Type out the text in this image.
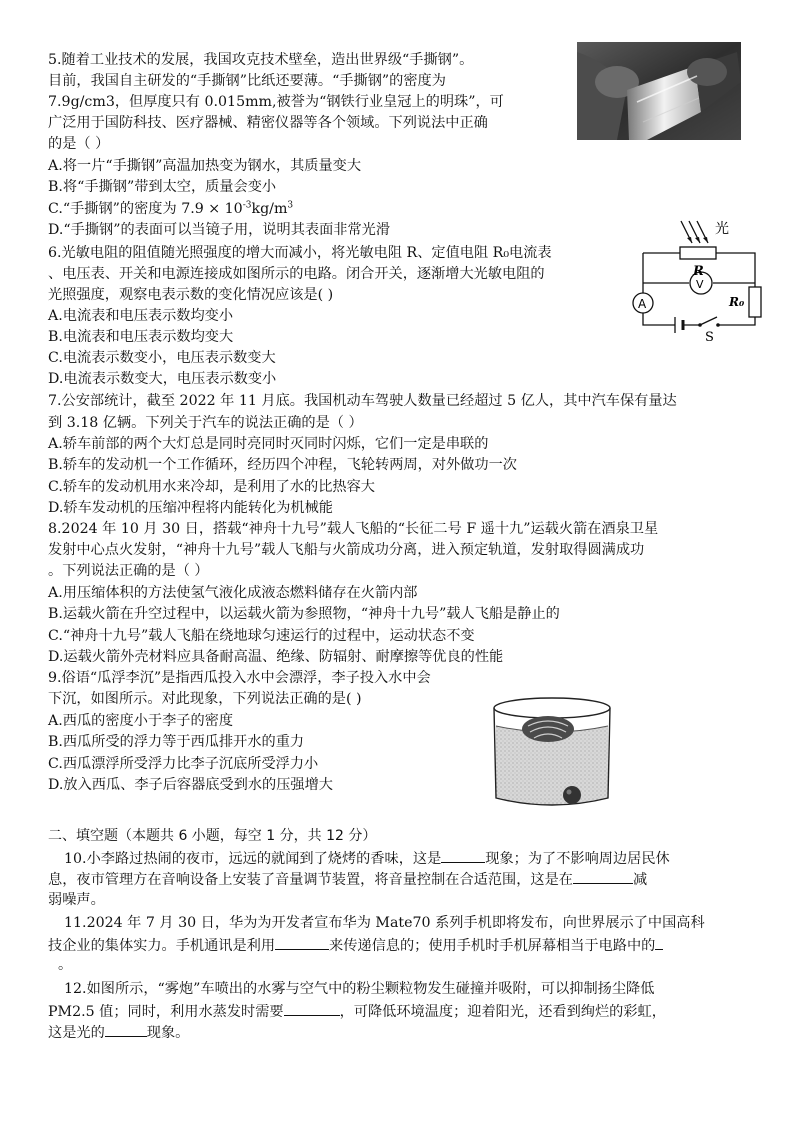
5.随着工业技术的发展，我国攻克技术壁垒，造出世界级“手撕钢”。
目前，我国自主研发的“手撕钢”比纸还要薄。“手撕钢”的密度为
7.9g/cm3，但厚度只有 0.015mm,被誉为“钢铁行业皇冠上的明珠”，可
广泛用于国防科技、医疗器械、精密仪器等各个领域。下列说法中正确
的是（ ）
A.将一片“手撕钢”高温加热变为钢水，其质量变大
B.将“手撕钢”带到太空，质量会变小
C.“手撕钢”的密度为 $7.9 \times 10^{-3}kg/m^3$
D.“手撕钢”的表面可以当镜子用，说明其表面非常光滑
6.光敏电阻的阻值随光照强度的增大而减小，将光敏电阻 R、定值电阻 R₀电流表
、电压表、开关和电源连接成如图所示的电路。闭合开关，逐渐增大光敏电阻的
光照强度，观察电表示数的变化情况应该是( )
A.电流表和电压表示数均变小
B.电流表和电压表示数均变大
C.电流表示数变小，电压表示数变大
D.电流表示数变大，电压表示数变小
光
R
V
A	R₀
S
7.公安部统计，截至 2022 年 11 月底。我国机动车驾驶人数量已经超过 5 亿人，其中汽车保有量达
到 3.18 亿辆。下列关于汽车的说法正确的是（ ）
A.轿车前部的两个大灯总是同时亮同时灭同时闪烁，它们一定是串联的
B.轿车的发动机一个工作循环，经历四个冲程，飞轮转两周，对外做功一次
C.轿车的发动机用水来冷却，是利用了水的比热容大
D.轿车发动机的压缩冲程将内能转化为机械能
8.2024 年 10 月 30 日，搭载“神舟十九号”载人飞船的“长征二号 F 遥十九”运载火箭在酒泉卫星
发射中心点火发射，“神舟十九号”载人飞船与火箭成功分离，进入预定轨道，发射取得圆满成功
。下列说法正确的是（ ）
A.用压缩体积的方法使氢气液化成液态燃料储存在火箭内部
B.运载火箭在升空过程中，以运载火箭为参照物，“神舟十九号”载人飞船是静止的
C.“神舟十九号”载人飞船在绕地球匀速运行的过程中，运动状态不变
D.运载火箭外壳材料应具备耐高温、绝缘、防辐射、耐摩擦等优良的性能
9.俗语“瓜浮李沉”是指西瓜投入水中会漂浮，李子投入水中会
下沉，如图所示。对此现象，下列说法正确的是( )
A.西瓜的密度小于李子的密度
B.西瓜所受的浮力等于西瓜排开水的重力
C.西瓜漂浮所受浮力比李子沉底所受浮力小
D.放入西瓜、李子后容器底受到水的压强增大
二、填空题（本题共 6 小题，每空 1 分，共 12 分）
10.小李路过热闹的夜市，远远的就闻到了烧烤的香味，这是	现象；为了不影响周边居民休
息，夜市管理方在音响设备上安装了音量调节装置，将音量控制在合适范围，这是在	减
弱噪声。
11.2024 年 7 月 30 日，华为为开发者宣布华为 Mate70 系列手机即将发布，向世界展示了中国高科
技企业的集体实力。手机通讯是利用	来传递信息的；使用手机时手机屏幕相当于电路中的
。
12.如图所示，“雾炮”车喷出的水雾与空气中的粉尘颗粒物发生碰撞并吸附，可以抑制扬尘降低
PM2.5 值；同时，利用水蒸发时需要	，可降低环境温度；迎着阳光，还看到绚烂的彩虹，
这是光的	现象。
